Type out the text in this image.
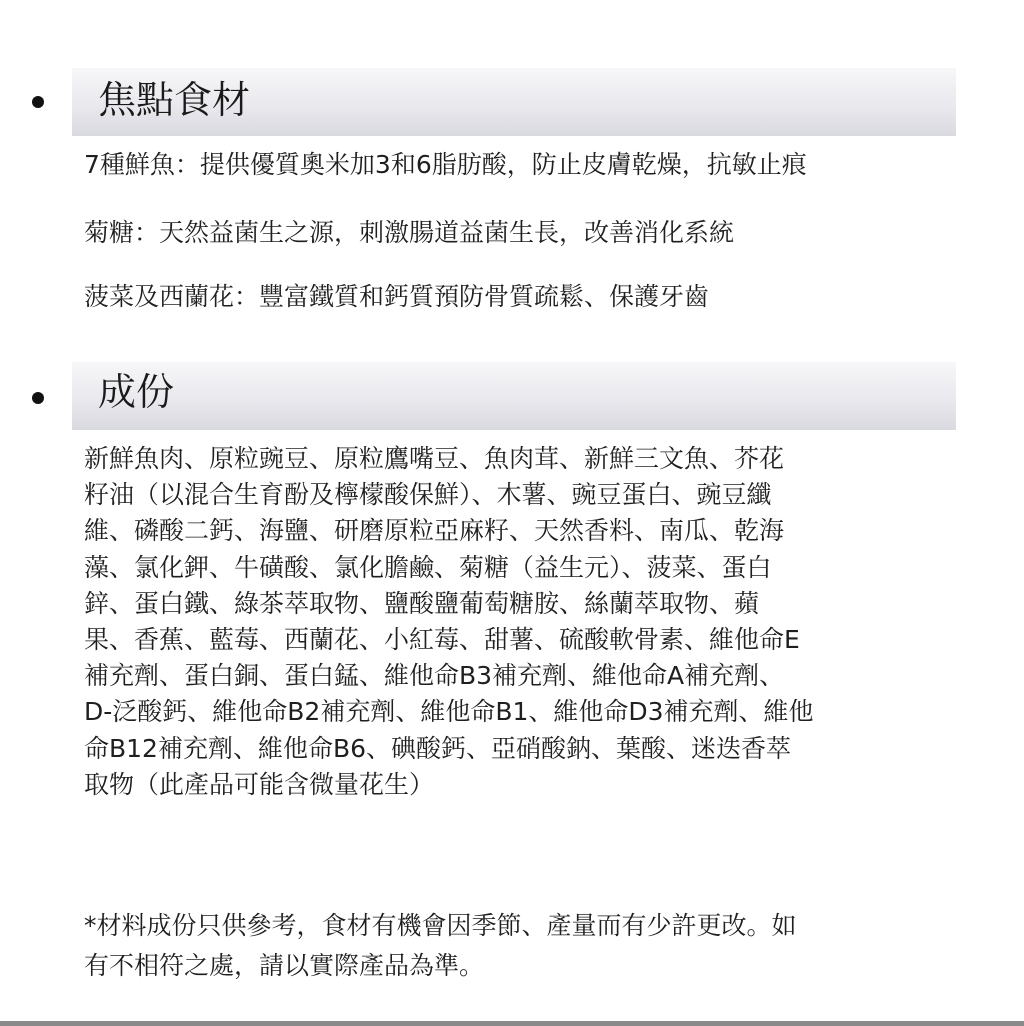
焦點食材
7種鮮魚：提供優質奧米加3和6脂肪酸，防止皮膚乾燥，抗敏止痕
菊糖：天然益菌生之源，刺激腸道益菌生長，改善消化系統
菠菜及西蘭花：豐富鐵質和鈣質預防骨質疏鬆、保護牙齒
成份
新鮮魚肉、原粒豌豆、原粒鷹嘴豆、魚肉茸、新鮮三文魚、芥花
籽油（以混合生育酚及檸檬酸保鮮）、木薯、豌豆蛋白、豌豆纖
維、磷酸二鈣、海鹽、研磨原粒亞麻籽、天然香料、南瓜、乾海
藻、氯化鉀、牛磺酸、氯化膽鹼、菊糖（益生元）、菠菜、蛋白
鋅、蛋白鐵、綠茶萃取物、鹽酸鹽葡萄糖胺、絲蘭萃取物、蘋
果、香蕉、藍莓、西蘭花、小紅莓、甜薯、硫酸軟骨素、維他命E
補充劑、蛋白銅、蛋白錳、維他命B3補充劑、維他命A補充劑、
D-泛酸鈣、維他命B2補充劑、維他命B1、維他命D3補充劑、維他
命B12補充劑、維他命B6、碘酸鈣、亞硝酸鈉、葉酸、迷迭香萃
取物（此產品可能含微量花生）
*材料成份只供參考，食材有機會因季節、產量而有少許更改。如
有不相符之處，請以實際產品為準。
